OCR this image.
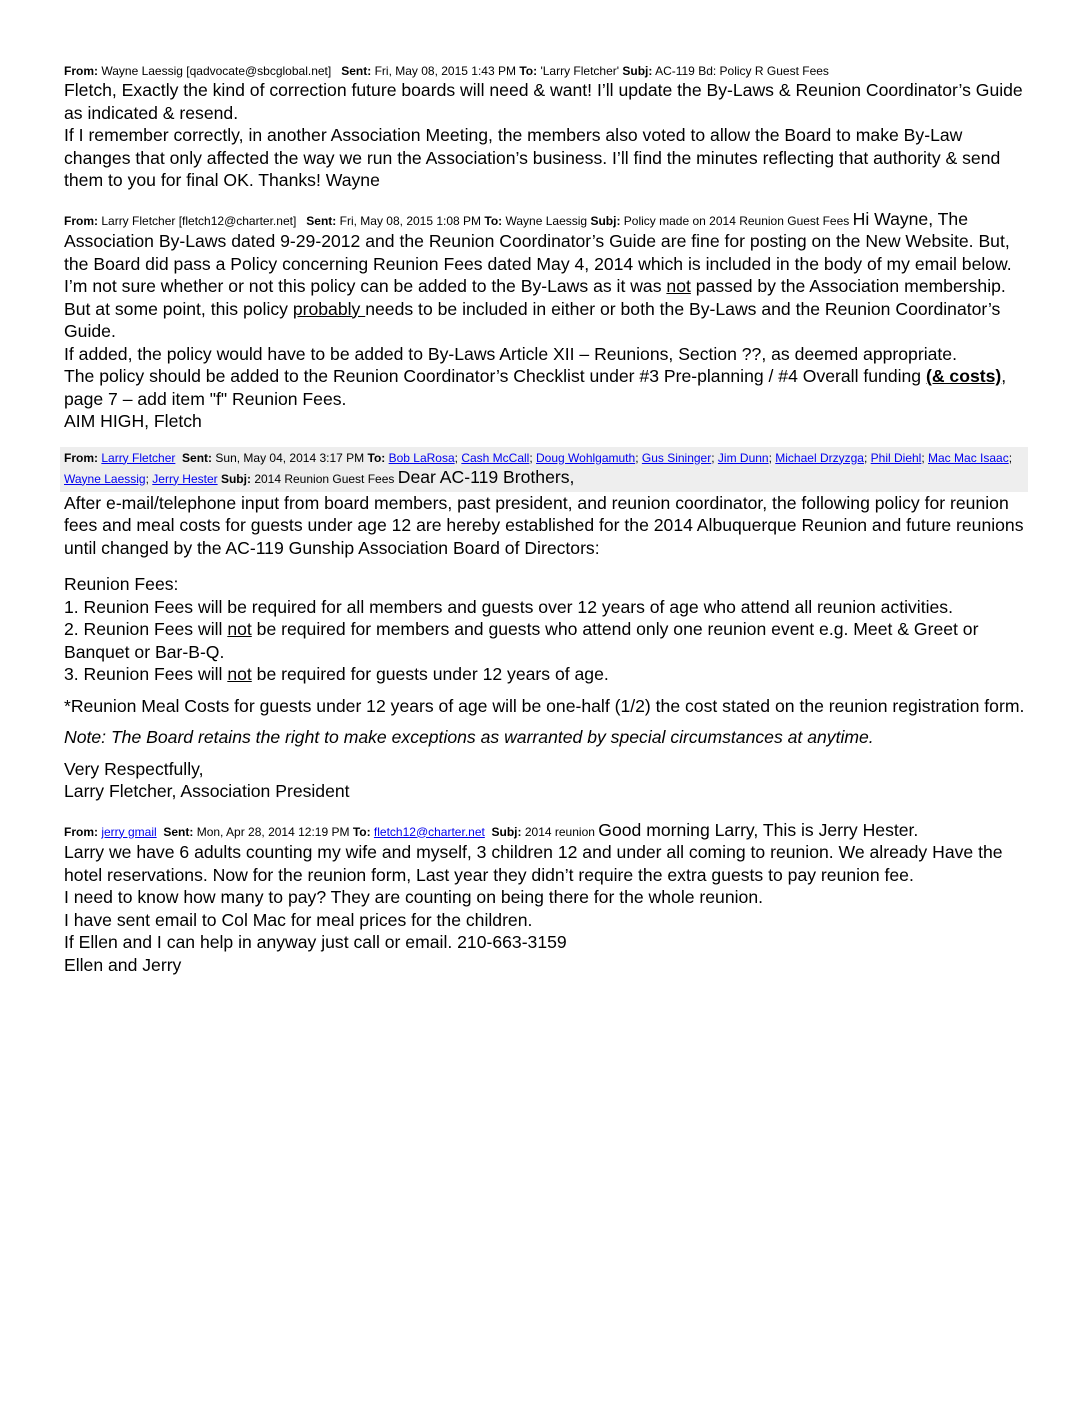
From: Wayne Laessig [qadvocate@sbcglobal.net] Sent: Fri, May 08, 2015 1:43 PM To: 'Larry Fletcher' Subj: AC-119 Bd: Policy R Guest Fees

Fletch, Exactly the kind of correction future boards will need & want! I’ll update the By-Laws & Reunion Coordinator’s Guide as indicated & resend.

If I remember correctly, in another Association Meeting, the members also voted to allow the Board to make By-Law changes that only affected the way we run the Association’s business. I’ll find the minutes reflecting that authority & send them to you for final OK. Thanks! Wayne

From: Larry Fletcher [fletch12@charter.net] Sent: Fri, May 08, 2015 1:08 PM To: Wayne Laessig Subj: Policy made on 2014 Reunion Guest Fees Hi Wayne, The Association By-Laws dated 9-29-2012 and the Reunion Coordinator’s Guide are fine for posting on the New Website. But, the Board did pass a Policy concerning Reunion Fees dated May 4, 2014 which is included in the body of my email below. I’m not sure whether or not this policy can be added to the By-Laws as it was not passed by the Association membership. But at some point, this policy probably needs to be included in either or both the By-Laws and the Reunion Coordinator’s Guide.

If added, the policy would have to be added to By-Laws Article XII – Reunions, Section ??, as deemed appropriate.

The policy should be added to the Reunion Coordinator’s Checklist under #3 Pre-planning / #4 Overall funding (& costs), page 7 – add item "f" Reunion Fees.

AIM HIGH, Fletch

From: Larry Fletcher Sent: Sun, May 04, 2014 3:17 PM To: Bob LaRosa; Cash McCall; Doug Wohlgamuth; Gus Sininger; Jim Dunn; Michael Drzyzga; Phil Diehl; Mac Mac Isaac; Wayne Laessig; Jerry Hester Subj: 2014 Reunion Guest Fees Dear AC-119 Brothers,

After e-mail/telephone input from board members, past president, and reunion coordinator, the following policy for reunion fees and meal costs for guests under age 12 are hereby established for the 2014 Albuquerque Reunion and future reunions until changed by the AC-119 Gunship Association Board of Directors:

Reunion Fees:

1. Reunion Fees will be required for all members and guests over 12 years of age who attend all reunion activities.

2. Reunion Fees will not be required for members and guests who attend only one reunion event e.g. Meet & Greet or Banquet or Bar-B-Q.

3. Reunion Fees will not be required for guests under 12 years of age.

*Reunion Meal Costs for guests under 12 years of age will be one-half (1/2) the cost stated on the reunion registration form.

Note: The Board retains the right to make exceptions as warranted by special circumstances at anytime.

Very Respectfully,

Larry Fletcher, Association President

From: jerry gmail Sent: Mon, Apr 28, 2014 12:19 PM To: fletch12@charter.net Subj: 2014 reunion Good morning Larry, This is Jerry Hester.

Larry we have 6 adults counting my wife and myself, 3 children 12 and under all coming to reunion. We already Have the hotel reservations. Now for the reunion form, Last year they didn’t require the extra guests to pay reunion fee.

I need to know how many to pay? They are counting on being there for the whole reunion.

I have sent email to Col Mac for meal prices for the children.

If Ellen and I can help in anyway just call or email. 210-663-3159

Ellen and Jerry
